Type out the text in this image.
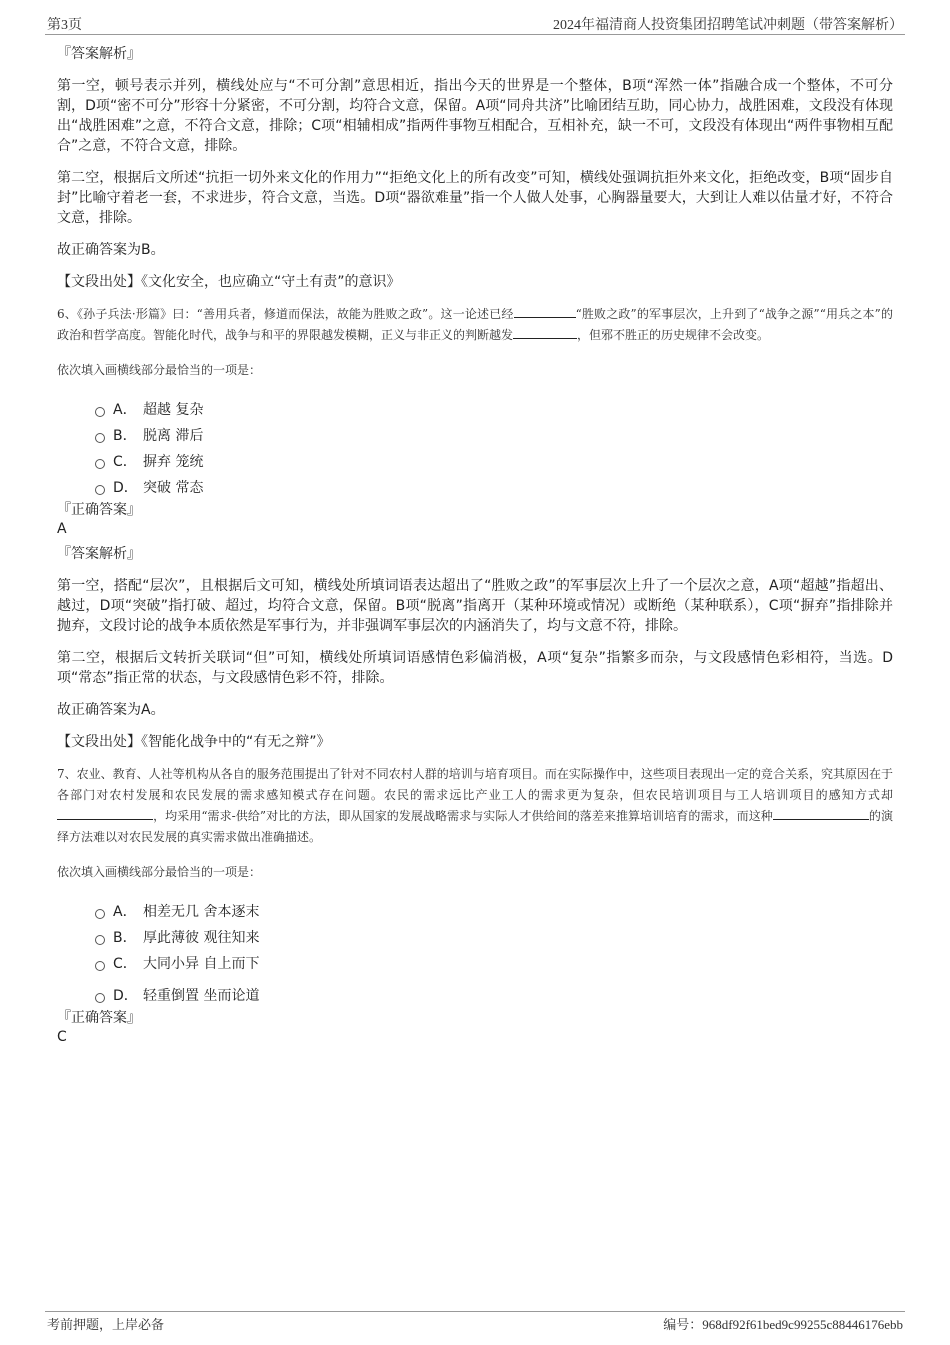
第3页	2024年福清商人投资集团招聘笔试冲刺题（带答案解析）
『答案解析』
第一空，顿号表示并列，横线处应与“不可分割”意思相近，指出今天的世界是一个整体，B项“浑然一体”指融合成一个整体，不可分割，D项“密不可分”形容十分紧密，不可分割，均符合文意，保留。A项“同舟共济”比喻团结互助，同心协力，战胜困难，文段没有体现出“战胜困难”之意，不符合文意，排除；C项“相辅相成”指两件事物互相配合，互相补充，缺一不可，文段没有体现出“两件事物相互配合”之意，不符合文意，排除。
第二空，根据后文所述“抗拒一切外来文化的作用力”“拒绝文化上的所有改变”可知，横线处强调抗拒外来文化，拒绝改变，B项“固步自封”比喻守着老一套，不求进步，符合文意，当选。D项“器欲难量”指一个人做人处事，心胸器量要大，大到让人难以估量才好，不符合文意，排除。
故正确答案为B。
【文段出处】《文化安全，也应确立“守土有责”的意识》
6、《孙子兵法·形篇》曰：“善用兵者，修道而保法，故能为胜败之政”。这一论述已经	“胜败之政”的军事层次，上升到了“战争之源”“用兵之本”的政治和哲学高度。智能化时代，战争与和平的界限越发模糊，正义与非正义的判断越发	，但邪不胜正的历史规律不会改变。
依次填入画横线部分最恰当的一项是：
A． 超越 复杂
B． 脱离 滞后
C． 摒弃 笼统
D． 突破 常态
『正确答案』
A
『答案解析』
第一空，搭配“层次”，且根据后文可知，横线处所填词语表达超出了“胜败之政”的军事层次上升了一个层次之意，A项“超越”指超出、越过，D项“突破”指打破、超过，均符合文意，保留。B项“脱离”指离开（某种环境或情况）或断绝（某种联系），C项“摒弃”指排除并抛弃，文段讨论的战争本质依然是军事行为，并非强调军事层次的内涵消失了，均与文意不符，排除。
第二空，根据后文转折关联词“但”可知，横线处所填词语感情色彩偏消极，A项“复杂”指繁多而杂，与文段感情色彩相符，当选。D项“常态”指正常的状态，与文段感情色彩不符，排除。
故正确答案为A。
【文段出处】《智能化战争中的“有无之辩”》
7、农业、教育、人社等机构从各自的服务范围提出了针对不同农村人群的培训与培育项目。而在实际操作中，这些项目表现出一定的竞合关系，究其原因在于各部门对农村发展和农民发展的需求感知模式存在问题。农民的需求远比产业工人的需求更为复杂，但农民培训项目与工人培训项目的感知方式却，均采用“需求-供给”对比的方法，即从国家的发展战略需求与实际人才供给间的落差来推算培训培育的需求，而这种	的演绎方法难以对农民发展的真实需求做出准确描述。
依次填入画横线部分最恰当的一项是：
A． 相差无几 舍本逐末
B． 厚此薄彼 观往知来
C． 大同小异 自上而下
D． 轻重倒置 坐而论道
『正确答案』
C
考前押题，上岸必备	编号：968df92f61bed9c99255c88446176ebb
